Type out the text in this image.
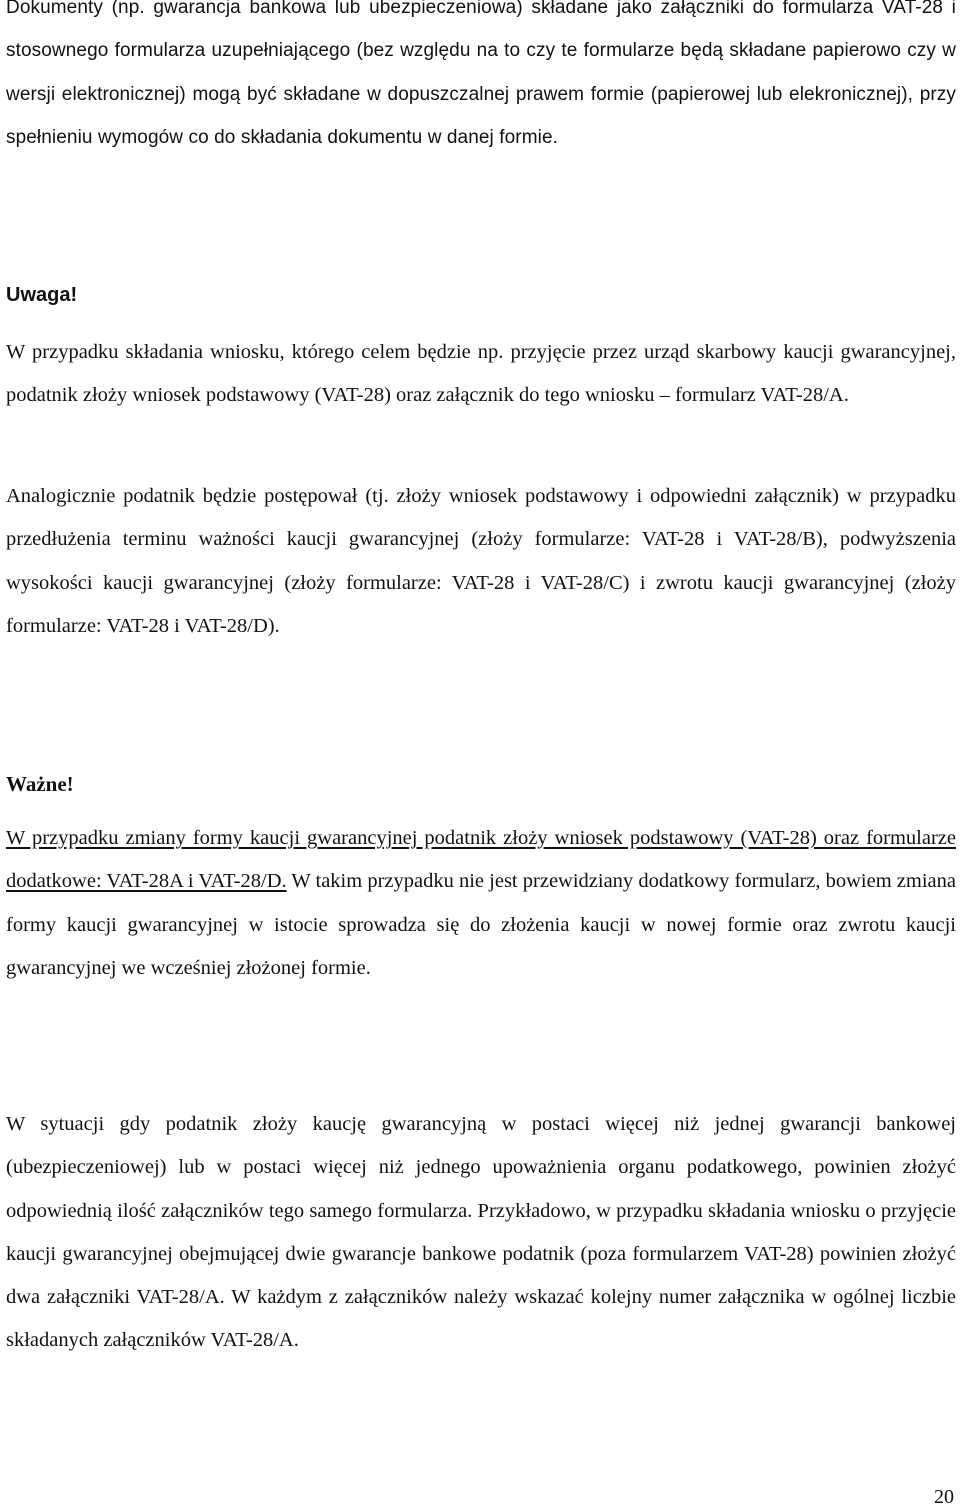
Dokumenty (np. gwarancja bankowa lub ubezpieczeniowa) składane jako załączniki do formularza VAT-28 i stosownego formularza uzupełniającego (bez względu na to czy te formularze będą składane papierowo czy w wersji elektronicznej) mogą być składane w dopuszczalnej prawem formie (papierowej lub elekronicznej), przy spełnieniu wymogów co do składania dokumentu w danej formie.

Uwaga!

W przypadku składania wniosku, którego celem będzie np. przyjęcie przez urząd skarbowy kaucji gwarancyjnej, podatnik złoży wniosek podstawowy (VAT-28) oraz załącznik do tego wniosku – formularz VAT-28/A.

Analogicznie podatnik będzie postępował (tj. złoży wniosek podstawowy i odpowiedni załącznik) w przypadku przedłużenia terminu ważności kaucji gwarancyjnej (złoży formularze: VAT-28 i VAT-28/B), podwyższenia wysokości kaucji gwarancyjnej (złoży formularze: VAT-28 i VAT-28/C) i zwrotu kaucji gwarancyjnej (złoży formularze: VAT-28 i VAT-28/D).

Ważne!

W przypadku zmiany formy kaucji gwarancyjnej podatnik złoży wniosek podstawowy (VAT-28) oraz formularze dodatkowe: VAT-28A i VAT-28/D. W takim przypadku nie jest przewidziany dodatkowy formularz, bowiem zmiana formy kaucji gwarancyjnej w istocie sprowadza się do złożenia kaucji w nowej formie oraz zwrotu kaucji gwarancyjnej we wcześniej złożonej formie.

W sytuacji gdy podatnik złoży kaucję gwarancyjną w postaci więcej niż jednej gwarancji bankowej (ubezpieczeniowej) lub w postaci więcej niż jednego upoważnienia organu podatkowego, powinien złożyć odpowiednią ilość załączników tego samego formularza. Przykładowo, w przypadku składania wniosku o przyjęcie kaucji gwarancyjnej obejmującej dwie gwarancje bankowe podatnik (poza formularzem VAT-28) powinien złożyć dwa załączniki VAT-28/A. W każdym z załączników należy wskazać kolejny numer załącznika w ogólnej liczbie składanych załączników VAT-28/A.

20
